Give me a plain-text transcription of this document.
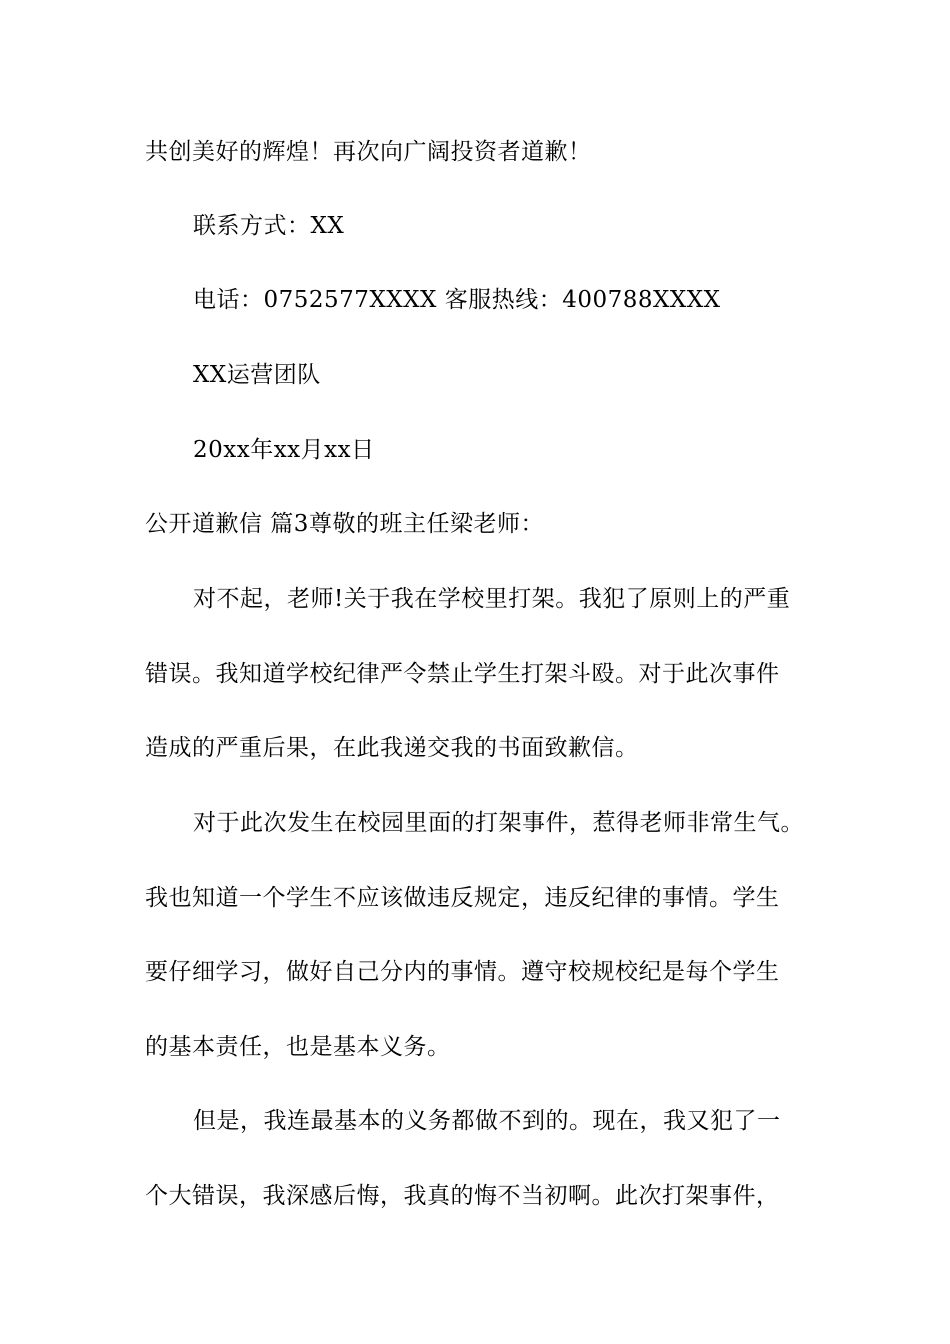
共创美好的辉煌！再次向广阔投资者道歉！
联系方式：XX
电话：0752577XXXX 客服热线：400788XXXX
XX运营团队
20xx年xx月xx日
公开道歉信 篇3尊敬的班主任梁老师：
对不起，老师!关于我在学校里打架。我犯了原则上的严重
错误。我知道学校纪律严令禁止学生打架斗殴。对于此次事件
造成的严重后果，在此我递交我的书面致歉信。
对于此次发生在校园里面的打架事件，惹得老师非常生气。
我也知道一个学生不应该做违反规定，违反纪律的事情。学生
要仔细学习，做好自己分内的事情。遵守校规校纪是每个学生
的基本责任，也是基本义务。
但是，我连最基本的义务都做不到的。现在，我又犯了一
个大错误，我深感后悔，我真的悔不当初啊。此次打架事件，
